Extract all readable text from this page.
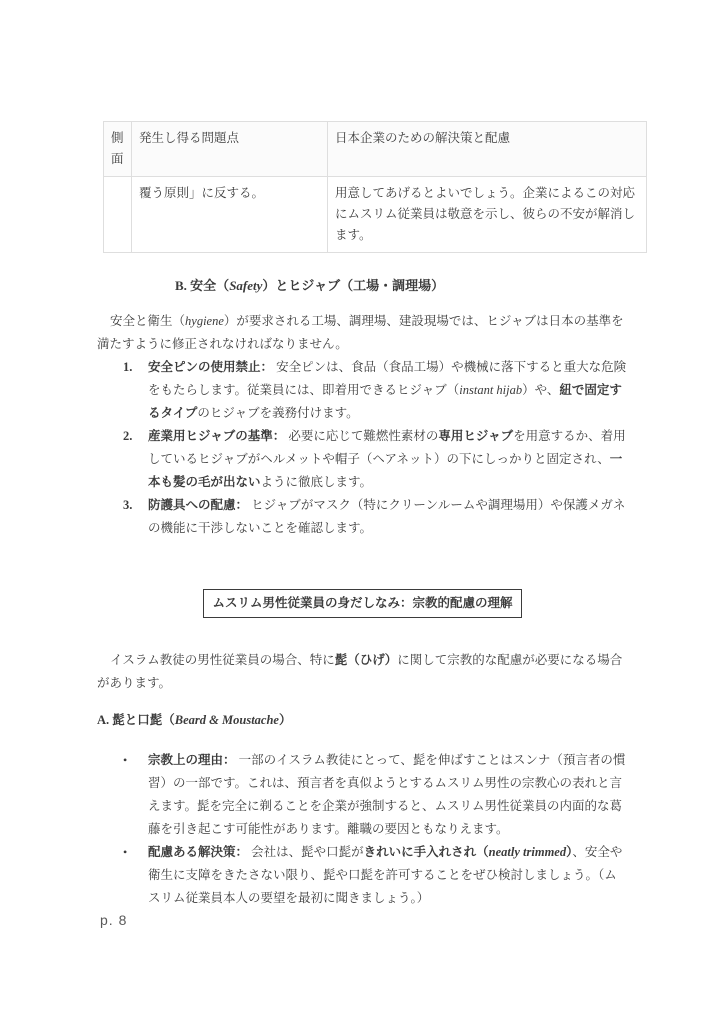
側面	発生し得る問題点	日本企業のための解決策と配慮
	覆う原則」に反する。	用意してあげるとよいでしょう。企業によるこの対応にムスリム従業員は敬意を示し、彼らの不安が解消します。
B. 安全（Safety）とヒジャブ（工場・調理場）
安全と衛生（hygiene）が要求される工場、調理場、建設現場では、ヒジャブは日本の基準を満たすように修正されなければなりません。
1.	安全ピンの使用禁止： 安全ピンは、食品（食品工場）や機械に落下すると重大な危険をもたらします。従業員には、即着用できるヒジャブ（instant hijab）や、紐で固定するタイプのヒジャブを義務付けます。
2.	産業用ヒジャブの基準： 必要に応じて難燃性素材の専用ヒジャブを用意するか、着用しているヒジャブがヘルメットや帽子（ヘアネット）の下にしっかりと固定され、一本も髪の毛が出ないように徹底します。
3.	防護具への配慮： ヒジャブがマスク（特にクリーンルームや調理場用）や保護メガネの機能に干渉しないことを確認します。
ムスリム男性従業員の身だしなみ：宗教的配慮の理解
イスラム教徒の男性従業員の場合、特に髭（ひげ）に関して宗教的な配慮が必要になる場合があります。
A. 髭と口髭（Beard & Moustache）
•	宗教上の理由： 一部のイスラム教徒にとって、髭を伸ばすことはスンナ（預言者の慣習）の一部です。これは、預言者を真似ようとするムスリム男性の宗教心の表れと言えます。髭を完全に剃ることを企業が強制すると、ムスリム男性従業員の内面的な葛藤を引き起こす可能性があります。離職の要因ともなりえます。
•	配慮ある解決策： 会社は、髭や口髭がきれいに手入れされ（neatly trimmed）、安全や衛生に支障をきたさない限り、髭や口髭を許可することをぜひ検討しましょう。（ムスリム従業員本人の要望を最初に聞きましょう。）
p. 8
